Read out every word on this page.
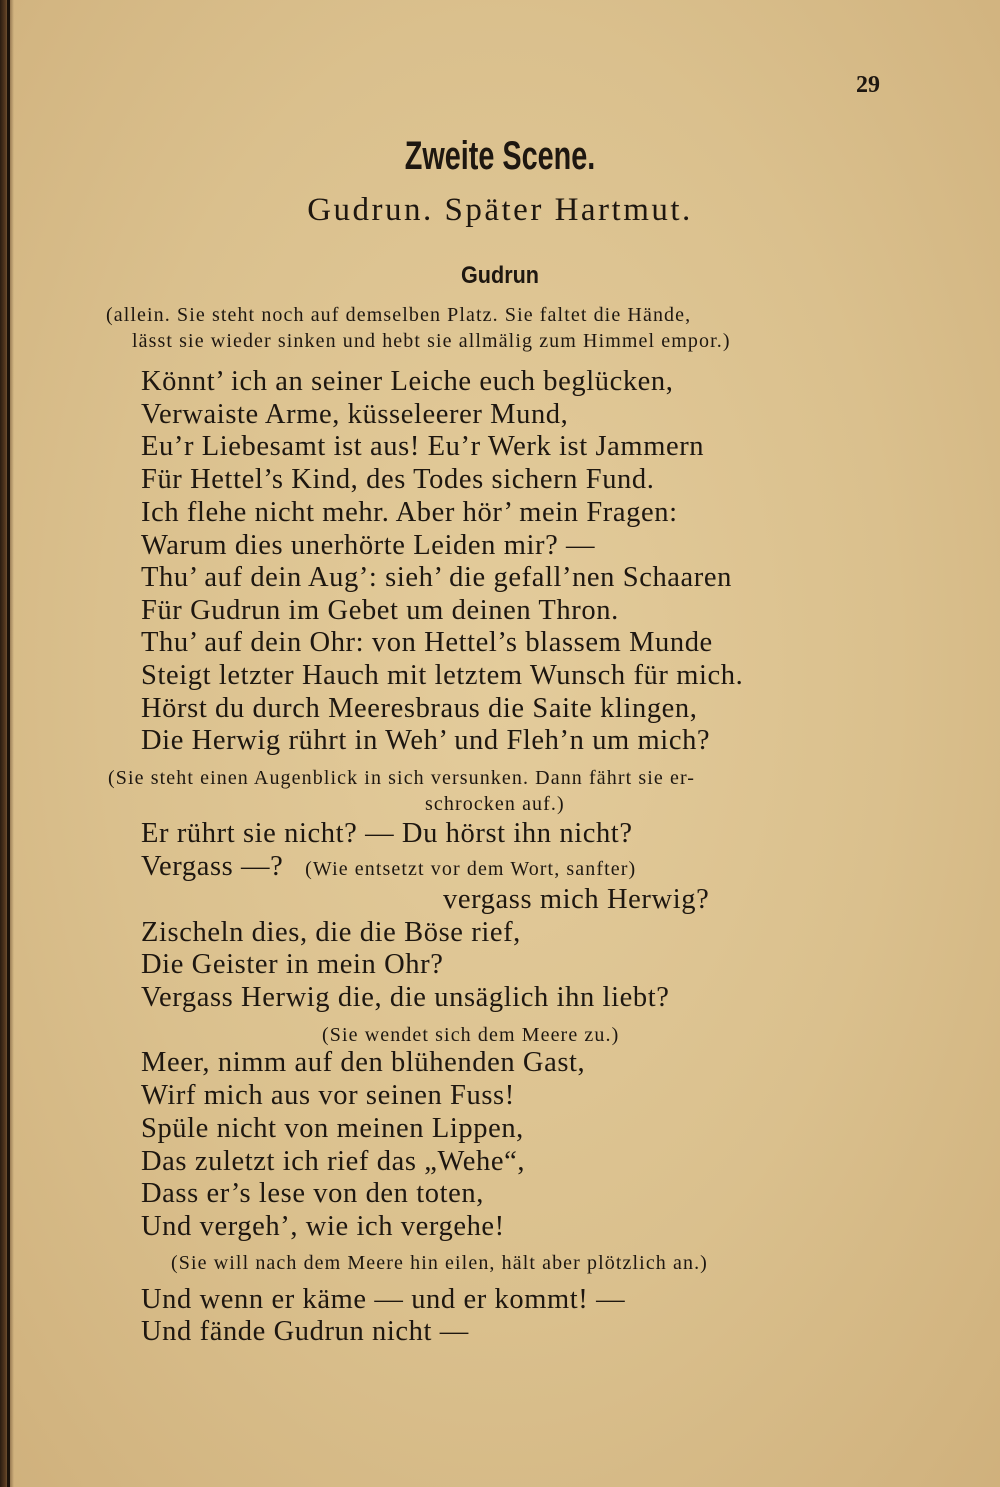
29
Zweite Scene.
Gudrun. Später Hartmut.
Gudrun
(allein. Sie steht noch auf demselben Platz. Sie faltet die Hände,
lässt sie wieder sinken und hebt sie allmälig zum Himmel empor.)
Könnt’ ich an seiner Leiche euch beglücken,
Verwaiste Arme, küsseleerer Mund,
Eu’r Liebesamt ist aus! Eu’r Werk ist Jammern
Für Hettel’s Kind, des Todes sichern Fund.
Ich flehe nicht mehr. Aber hör’ mein Fragen:
Warum dies unerhörte Leiden mir? —
Thu’ auf dein Aug’: sieh’ die gefall’nen Schaaren
Für Gudrun im Gebet um deinen Thron.
Thu’ auf dein Ohr: von Hettel’s blassem Munde
Steigt letzter Hauch mit letztem Wunsch für mich.
Hörst du durch Meeresbraus die Saite klingen,
Die Herwig rührt in Weh’ und Fleh’n um mich?
(Sie steht einen Augenblick in sich versunken. Dann fährt sie er-
schrocken auf.)
Er rührt sie nicht? — Du hörst ihn nicht?
Vergass —? (Wie entsetzt vor dem Wort, sanfter)
vergass mich Herwig?
Zischeln dies, die die Böse rief,
Die Geister in mein Ohr?
Vergass Herwig die, die unsäglich ihn liebt?
(Sie wendet sich dem Meere zu.)
Meer, nimm auf den blühenden Gast,
Wirf mich aus vor seinen Fuss!
Spüle nicht von meinen Lippen,
Das zuletzt ich rief das „Wehe“,
Dass er’s lese von den toten,
Und vergeh’, wie ich vergehe!
(Sie will nach dem Meere hin eilen, hält aber plötzlich an.)
Und wenn er käme — und er kommt! —
Und fände Gudrun nicht —
